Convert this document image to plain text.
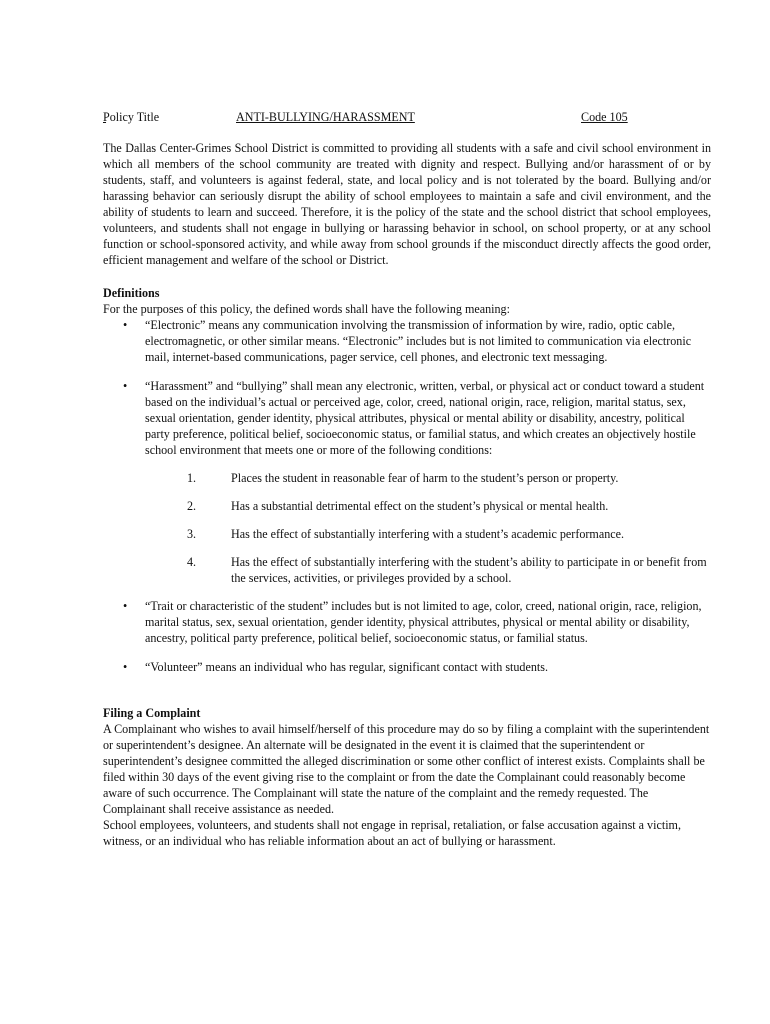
Policy Title	ANTI-BULLYING/HARASSMENT	Code 105

The Dallas Center-Grimes School District is committed to providing all students with a safe and civil school environment in which all members of the school community are treated with dignity and respect. Bullying and/or harassment of or by students, staff, and volunteers is against federal, state, and local policy and is not tolerated by the board. Bullying and/or harassing behavior can seriously disrupt the ability of school employees to maintain a safe and civil environment, and the ability of students to learn and succeed. Therefore, it is the policy of the state and the school district that school employees, volunteers, and students shall not engage in bullying or harassing behavior in school, on school property, or at any school function or school-sponsored activity, and while away from school grounds if the misconduct directly affects the good order, efficient management and welfare of the school or District.

Definitions

For the purposes of this policy, the defined words shall have the following meaning:

• “Electronic” means any communication involving the transmission of information by wire, radio, optic cable, electromagnetic, or other similar means. “Electronic” includes but is not limited to communication via electronic mail, internet-based communications, pager service, cell phones, and electronic text messaging.
• “Harassment” and “bullying” shall mean any electronic, written, verbal, or physical act or conduct toward a student based on the individual’s actual or perceived age, color, creed, national origin, race, religion, marital status, sex, sexual orientation, gender identity, physical attributes, physical or mental ability or disability, ancestry, political party preference, political belief, socioeconomic status, or familial status, and which creates an objectively hostile school environment that meets one or more of the following conditions:
1.	Places the student in reasonable fear of harm to the student’s person or property.
2.	Has a substantial detrimental effect on the student’s physical or mental health.
3.	Has the effect of substantially interfering with a student’s academic performance.
4.	Has the effect of substantially interfering with the student’s ability to participate in or benefit from the services, activities, or privileges provided by a school.
• “Trait or characteristic of the student” includes but is not limited to age, color, creed, national origin, race, religion, marital status, sex, sexual orientation, gender identity, physical attributes, physical or mental ability or disability, ancestry, political party preference, political belief, socioeconomic status, or familial status.
• “Volunteer” means an individual who has regular, significant contact with students.
Filing a Complaint

A Complainant who wishes to avail himself/herself of this procedure may do so by filing a complaint with the superintendent or superintendent’s designee. An alternate will be designated in the event it is claimed that the superintendent or superintendent’s designee committed the alleged discrimination or some other conflict of interest exists. Complaints shall be filed within 30 days of the event giving rise to the complaint or from the date the Complainant could reasonably become aware of such occurrence. The Complainant will state the nature of the complaint and the remedy requested. The Complainant shall receive assistance as needed.

School employees, volunteers, and students shall not engage in reprisal, retaliation, or false accusation against a victim, witness, or an individual who has reliable information about an act of bullying or harassment.
